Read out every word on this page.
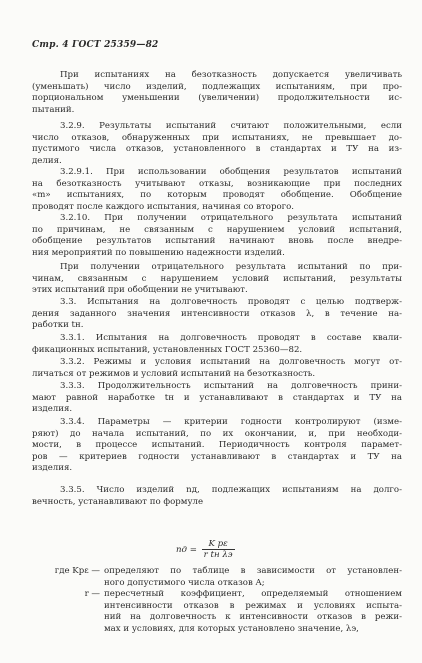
Стр. 4 ГОСТ 25359—82
При испытаниях на безотказность допускается увеличивать
(уменьшать) число изделий, подлежащих испытаниям, при про-
порциональном уменьшении (увеличении) продолжительности ис-
пытаний.
3.2.9. Результаты испытаний считают положительными, если
число отказов, обнаруженных при испытаниях, не превышает до-
пустимого числа отказов, установленного в стандартах и ТУ на из-
делия.
3.2.9.1. При использовании обобщения результатов испытаний
на безотказность учитывают отказы, возникающие при последних
«m» испытаниях, по которым проводят обобщение. Обобщение
проводят после каждого испытания, начиная со второго.
3.2.10. При получении отрицательного результата испытаний
по причинам, не связанным с нарушением условий испытаний,
обобщение результатов испытаний начинают вновь после внедре-
ния мероприятий по повышению надежности изделий.
При получении отрицательного результата испытаний по при-
чинам, связанным с нарушением условий испытаний, результаты
этих испытаний при обобщении не учитывают.
3.3. Испытания на долговечность проводят с целью подтверж-
дения заданного значения интенсивности отказов λ, в течение на-
работки tн.
3.3.1. Испытания на долговечность проводят в составе квали-
фикационных испытаний, установленных ГОСТ 25360—82.
3.3.2. Режимы и условия испытаний на долговечность могут от-
личаться от режимов и условий испытаний на безотказность.
3.3.3. Продолжительность испытаний на долговечность прини-
мают равной наработке tн и устанавливают в стандартах и ТУ на
изделия.
3.3.4. Параметры — критерии годности контролируют (изме-
ряют) до начала испытаний, по их окончании, и, при необходи-
мости, в процессе испытаний. Периодичность контроля парамет-
ров — критериев годности устанавливают в стандартах и ТУ на
изделия.
3.3.5. Число изделий nд, подлежащих испытаниям на долго-
вечность, устанавливают по формуле
nд = $\frac{\text{K рε}}{\text{r tн λэ}}$
где Kрε — определяют по таблице в зависимости от установлен-
ного допустимого числа отказов A;
r — пересчетный коэффициент, определяемый отношением
интенсивности отказов в режимах и условиях испыта-
ний на долговечность к интенсивности отказов в режи-
мах и условиях, для которых установлено значение, λэ,
